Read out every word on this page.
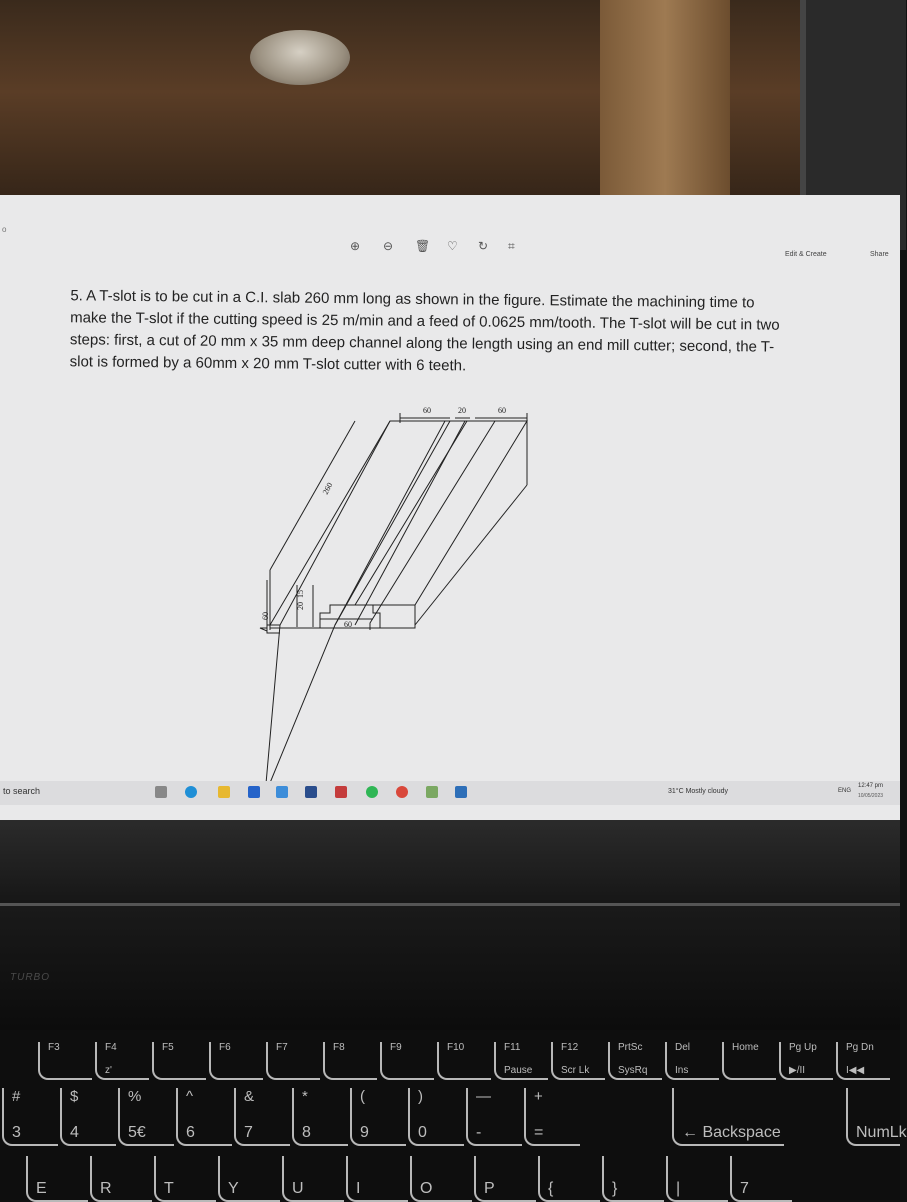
o
⊕ ⊖ 🗑 ♡ ↻ ⌗
Edit & Create	Share
5. A T-slot is to be cut in a C.I. slab 260 mm long as shown in the figure. Estimate the machining time to make the T-slot if the cutting speed is 25 m/min and a feed of 0.0625 mm/tooth. The T-slot will be cut in two steps: first, a cut of 20 mm x 35 mm deep channel along the length using an end mill cutter; second, the T-slot is formed by a 60mm x 20 mm T-slot cutter with 6 teeth.
60	20	60
260
60
20
15
60
to search	31°C Mostly cloudy	ENG
12:47 pm
10/05/2023
TURBO
F3	F4
z'
F5	F6	F7	F8	F9	F10	F11
Pause
F12
Scr Lk
PrtSc
SysRq
Del
Ins
Home	Pg Up
▶/II
Pg Dn
I◀◀
#
3
$
4
%
5€
^
6
&
7
*
8
(
9
)
0
—
-
+
=	← Backspace	NumLk
E	R	T	Y	U	I	O	P	{	}	|	7
